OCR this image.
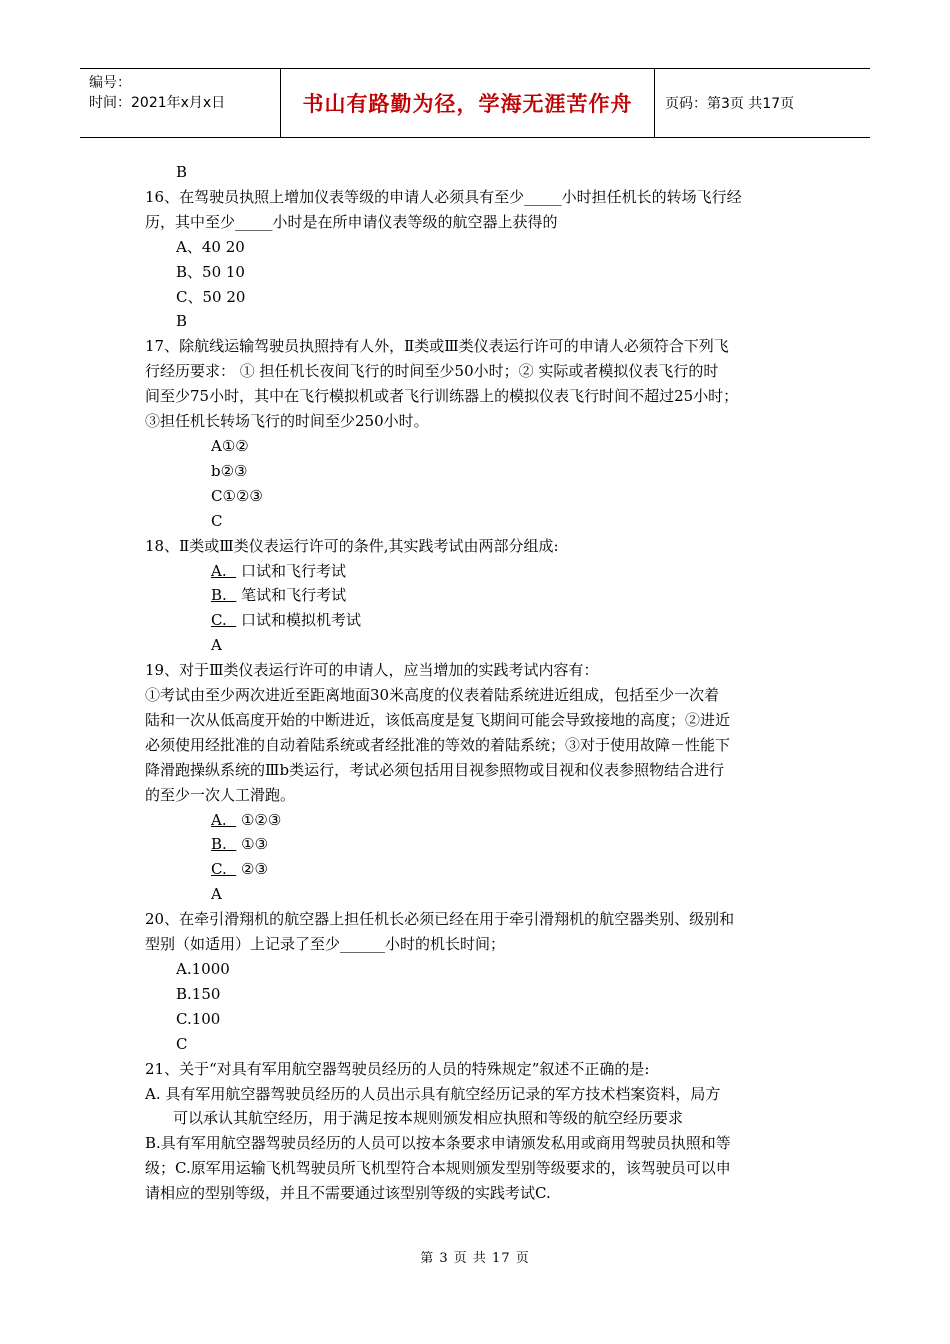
编号：
时间：2021年x月x日	书山有路勤为径，学海无涯苦作舟	页码：第3页 共17页
B
16、在驾驶员执照上增加仪表等级的申请人必须具有至少_____小时担任机长的转场飞行经
历，其中至少_____小时是在所申请仪表等级的航空器上获得的
A、40 20
B、50 10
C、50 20
B
17、除航线运输驾驶员执照持有人外，Ⅱ类或Ⅲ类仪表运行许可的申请人必须符合下列飞
行经历要求： ① 担任机长夜间飞行的时间至少50小时；② 实际或者模拟仪表飞行的时
间至少75小时，其中在飞行模拟机或者飞行训练器上的模拟仪表飞行时间不超过25小时；
③担任机长转场飞行的时间至少250小时。
A①②
b②③
C①②③
C
18、Ⅱ类或Ⅲ类仪表运行许可的条件,其实践考试由两部分组成:
A. 口试和飞行考试
B. 笔试和飞行考试
C. 口试和模拟机考试
A
19、对于Ⅲ类仪表运行许可的申请人，应当增加的实践考试内容有：
①考试由至少两次进近至距离地面30米高度的仪表着陆系统进近组成，包括至少一次着
陆和一次从低高度开始的中断进近，该低高度是复飞期间可能会导致接地的高度；②进近
必须使用经批准的自动着陆系统或者经批准的等效的着陆系统；③对于使用故障－性能下
降滑跑操纵系统的Ⅲb类运行，考试必须包括用目视参照物或目视和仪表参照物结合进行
的至少一次人工滑跑。
A. ①②③
B. ①③
C. ②③
A
20、在牵引滑翔机的航空器上担任机长必须已经在用于牵引滑翔机的航空器类别、级别和
型别（如适用）上记录了至少______小时的机长时间；
A.1000
B.150
C.100
C
21、关于“对具有军用航空器驾驶员经历的人员的特殊规定”叙述不正确的是:
A. 具有军用航空器驾驶员经历的人员出示具有航空经历记录的军方技术档案资料，局方
可以承认其航空经历，用于满足按本规则颁发相应执照和等级的航空经历要求
B.具有军用航空器驾驶员经历的人员可以按本条要求申请颁发私用或商用驾驶员执照和等
级；C.原军用运输飞机驾驶员所飞机型符合本规则颁发型别等级要求的，该驾驶员可以申
请相应的型别等级，并且不需要通过该型别等级的实践考试C.
第 3 页 共 17 页
